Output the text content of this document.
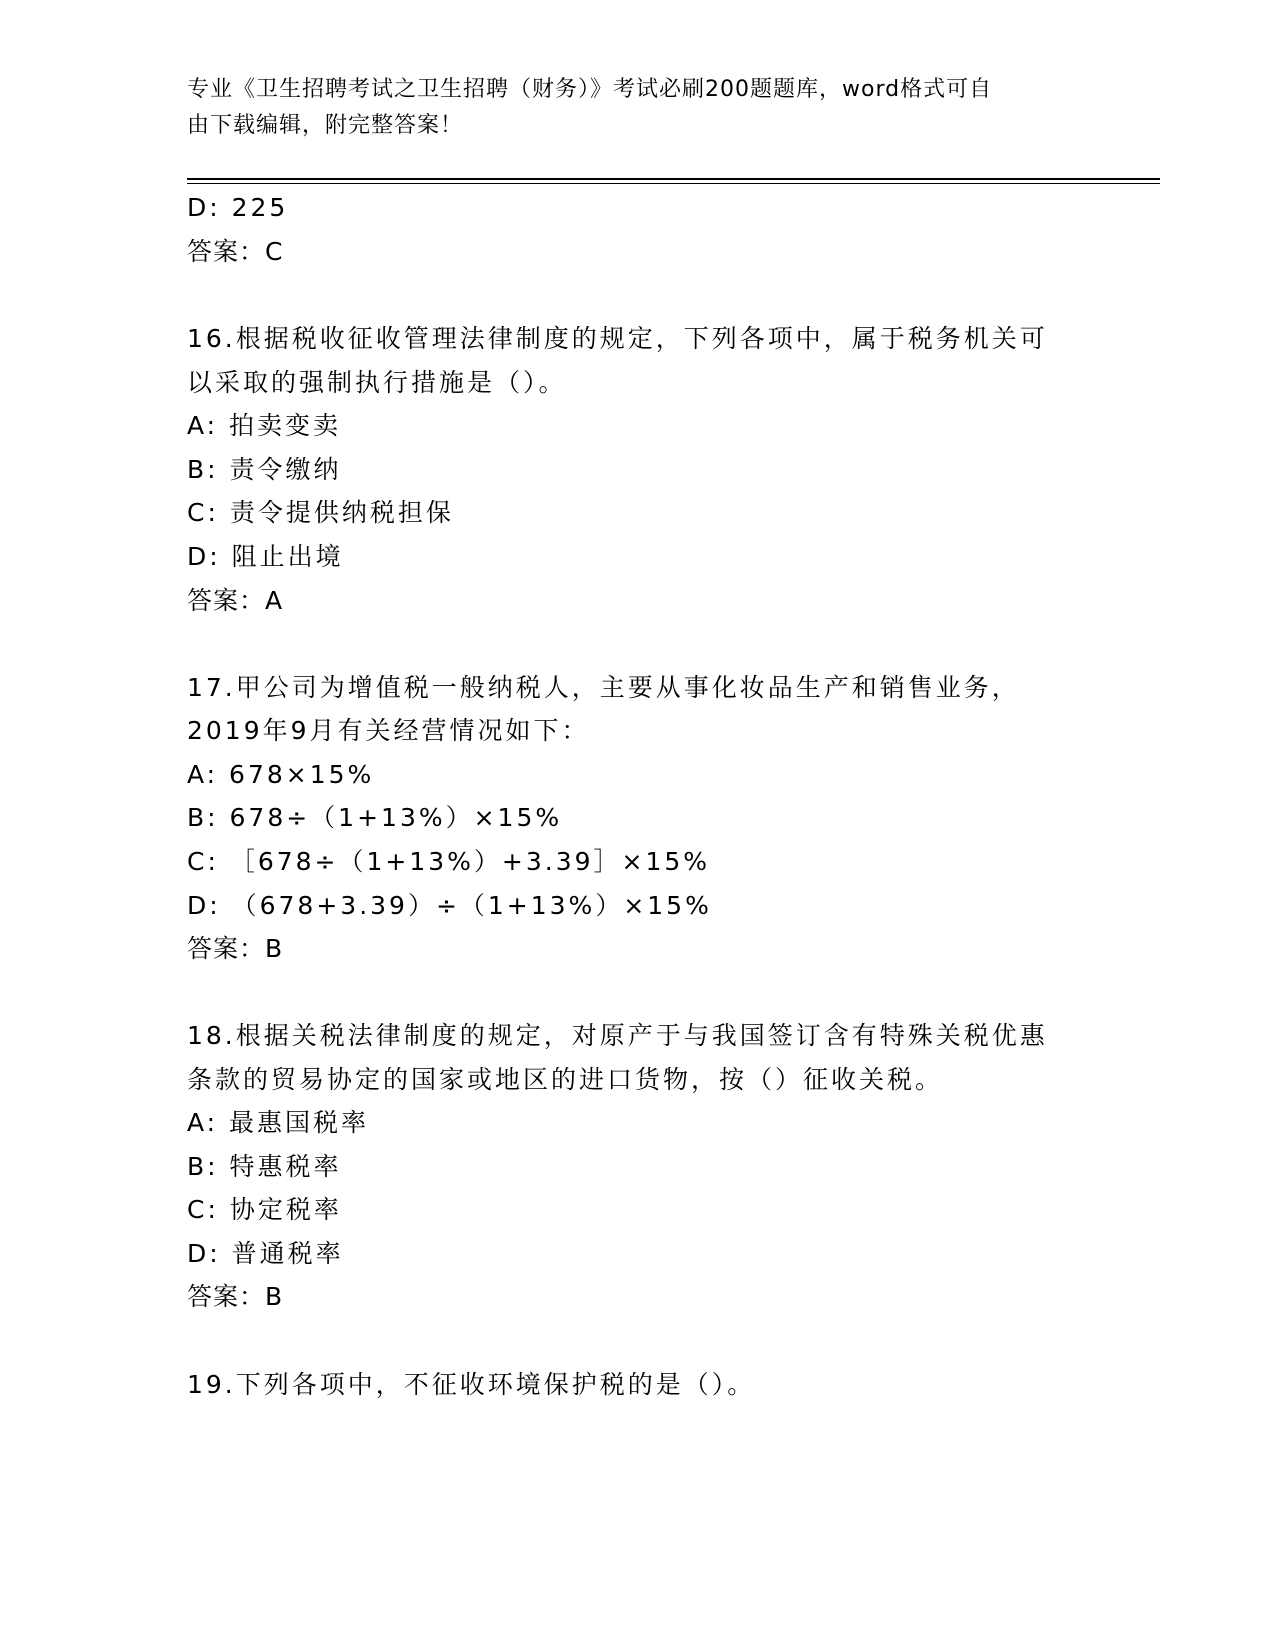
专业《卫生招聘考试之卫生招聘（财务）》考试必刷200题题库，word格式可自
由下载编辑，附完整答案！
D: 225
答案：C
16.根据税收征收管理法律制度的规定，下列各项中，属于税务机关可
以采取的强制执行措施是（）。
A: 拍卖变卖
B: 责令缴纳
C: 责令提供纳税担保
D: 阻止出境
答案：A
17.甲公司为增值税一般纳税人，主要从事化妆品生产和销售业务，
2019年9月有关经营情况如下：
A: 678×15%
B: 678÷（1+13%）×15%
C: ［678÷（1+13%）+3.39］×15%
D: （678+3.39）÷（1+13%）×15%
答案：B
18.根据关税法律制度的规定，对原产于与我国签订含有特殊关税优惠
条款的贸易协定的国家或地区的进口货物，按（）征收关税。
A: 最惠国税率
B: 特惠税率
C: 协定税率
D: 普通税率
答案：B
19.下列各项中，不征收环境保护税的是（）。
